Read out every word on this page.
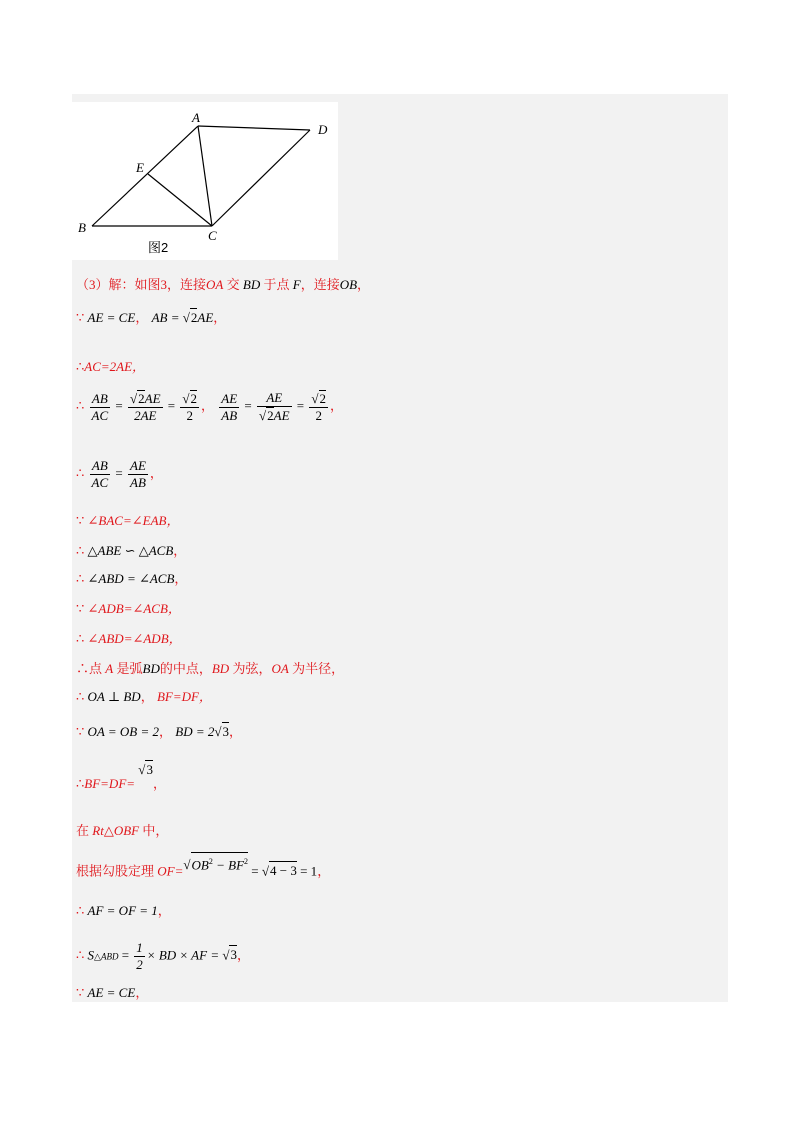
A
D
E
B
C
图2
（3）解：如图3，连接OA 交 BD 于点 F，连接OB，
∵ AE = CE， AB = √2AE，
∴AC=2AE，
∴ $\frac{AB}{AC} = \frac{√2AE}{2AE} = \frac{√2}{2}$ ， $\frac{AE}{AB} = \frac{AE}{√2AE} = \frac{√2}{2}$ ，
∴ $\frac{AB}{AC} = \frac{AE}{AB}$ ，
∵ ∠BAC=∠EAB，
∴ △ABE ∽ △ACB，
∴ ∠ABD = ∠ACB，
∵ ∠ADB=∠ACB，
∴ ∠ABD=∠ADB，
∴点 A 是弧BD的中点，BD 为弦，OA 为半径，
∴ OA ⊥ BD， BF=DF，
∵ OA = OB = 2， BD = 2√3，
∴BF=DF= √3，
在 Rt△OBF 中，
根据勾股定理 $OF=√OB^2 - BF^2 = √4 - 3 = 1$，
∴ AF = OF = 1，
∴ S△ABD = $\frac{1}{2}$ × BD × AF = √3，
∵ AE = CE，
